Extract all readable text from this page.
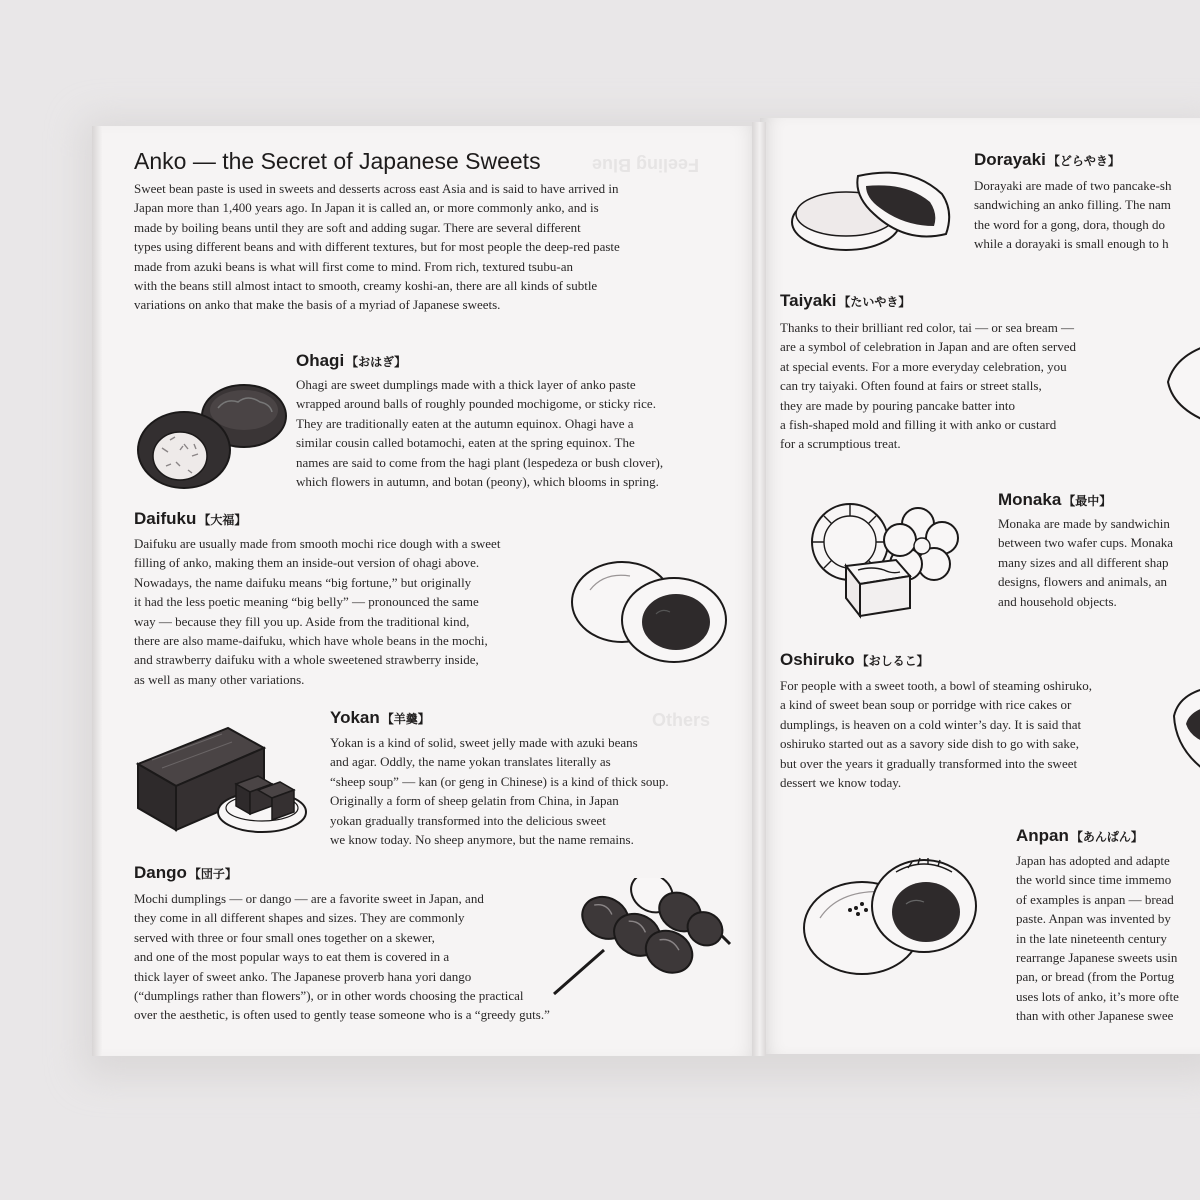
Feeling Blue
Others
Anko — the Secret of Japanese Sweets
Sweet bean paste is used in sweets and desserts across east Asia and is said to have arrived in
Japan more than 1,400 years ago. In Japan it is called an, or more commonly anko, and is
made by boiling beans until they are soft and adding sugar. There are several different
types using different beans and with different textures, but for most people the deep-red paste
made from azuki beans is what will first come to mind. From rich, textured tsubu-an
with the beans still almost intact to smooth, creamy koshi-an, there are all kinds of subtle
variations on anko that make the basis of a myriad of Japanese sweets.
Ohagi 【おはぎ】
Ohagi are sweet dumplings made with a thick layer of anko paste
wrapped around balls of roughly pounded mochigome, or sticky rice.
They are traditionally eaten at the autumn equinox. Ohagi have a
similar cousin called botamochi, eaten at the spring equinox. The
names are said to come from the hagi plant (lespedeza or bush clover),
which flowers in autumn, and botan (peony), which blooms in spring.
Daifuku 【大福】
Daifuku are usually made from smooth mochi rice dough with a sweet
filling of anko, making them an inside-out version of ohagi above.
Nowadays, the name daifuku means “big fortune,” but originally
it had the less poetic meaning “big belly” — pronounced the same
way — because they fill you up. Aside from the traditional kind,
there are also mame-daifuku, which have whole beans in the mochi,
and strawberry daifuku with a whole sweetened strawberry inside,
as well as many other variations.
Yokan 【羊羹】
Yokan is a kind of solid, sweet jelly made with azuki beans
and agar. Oddly, the name yokan translates literally as
“sheep soup” — kan (or geng in Chinese) is a kind of thick soup.
Originally a form of sheep gelatin from China, in Japan
yokan gradually transformed into the delicious sweet
we know today. No sheep anymore, but the name remains.
Dango 【団子】
Mochi dumplings — or dango — are a favorite sweet in Japan, and
they come in all different shapes and sizes. They are commonly
served with three or four small ones together on a skewer,
and one of the most popular ways to eat them is covered in a
thick layer of sweet anko. The Japanese proverb hana yori dango
(“dumplings rather than flowers”), or in other words choosing the practical
over the aesthetic, is often used to gently tease someone who is a “greedy guts.”
Dorayaki 【どらやき】
Dorayaki are made of two pancake-sh
sandwiching an anko filling. The nam
the word for a gong, dora, though do
while a dorayaki is small enough to h
Taiyaki 【たいやき】
Thanks to their brilliant red color, tai — or sea bream —
are a symbol of celebration in Japan and are often served
at special events. For a more everyday celebration, you
can try taiyaki. Often found at fairs or street stalls,
they are made by pouring pancake batter into
a fish-shaped mold and filling it with anko or custard
for a scrumptious treat.
Monaka 【最中】
Monaka are made by sandwichin
between two wafer cups. Monaka
many sizes and all different shap
designs, flowers and animals, an
and household objects.
Oshiruko 【おしるこ】
For people with a sweet tooth, a bowl of steaming oshiruko,
a kind of sweet bean soup or porridge with rice cakes or
dumplings, is heaven on a cold winter’s day. It is said that
oshiruko started out as a savory side dish to go with sake,
but over the years it gradually transformed into the sweet
dessert we know today.
Anpan 【あんぱん】
Japan has adopted and adapte
the world since time immemo
of examples is anpan — bread
paste. Anpan was invented by
in the late nineteenth century
rearrange Japanese sweets usin
pan, or bread (from the Portug
uses lots of anko, it’s more ofte
than with other Japanese swee
